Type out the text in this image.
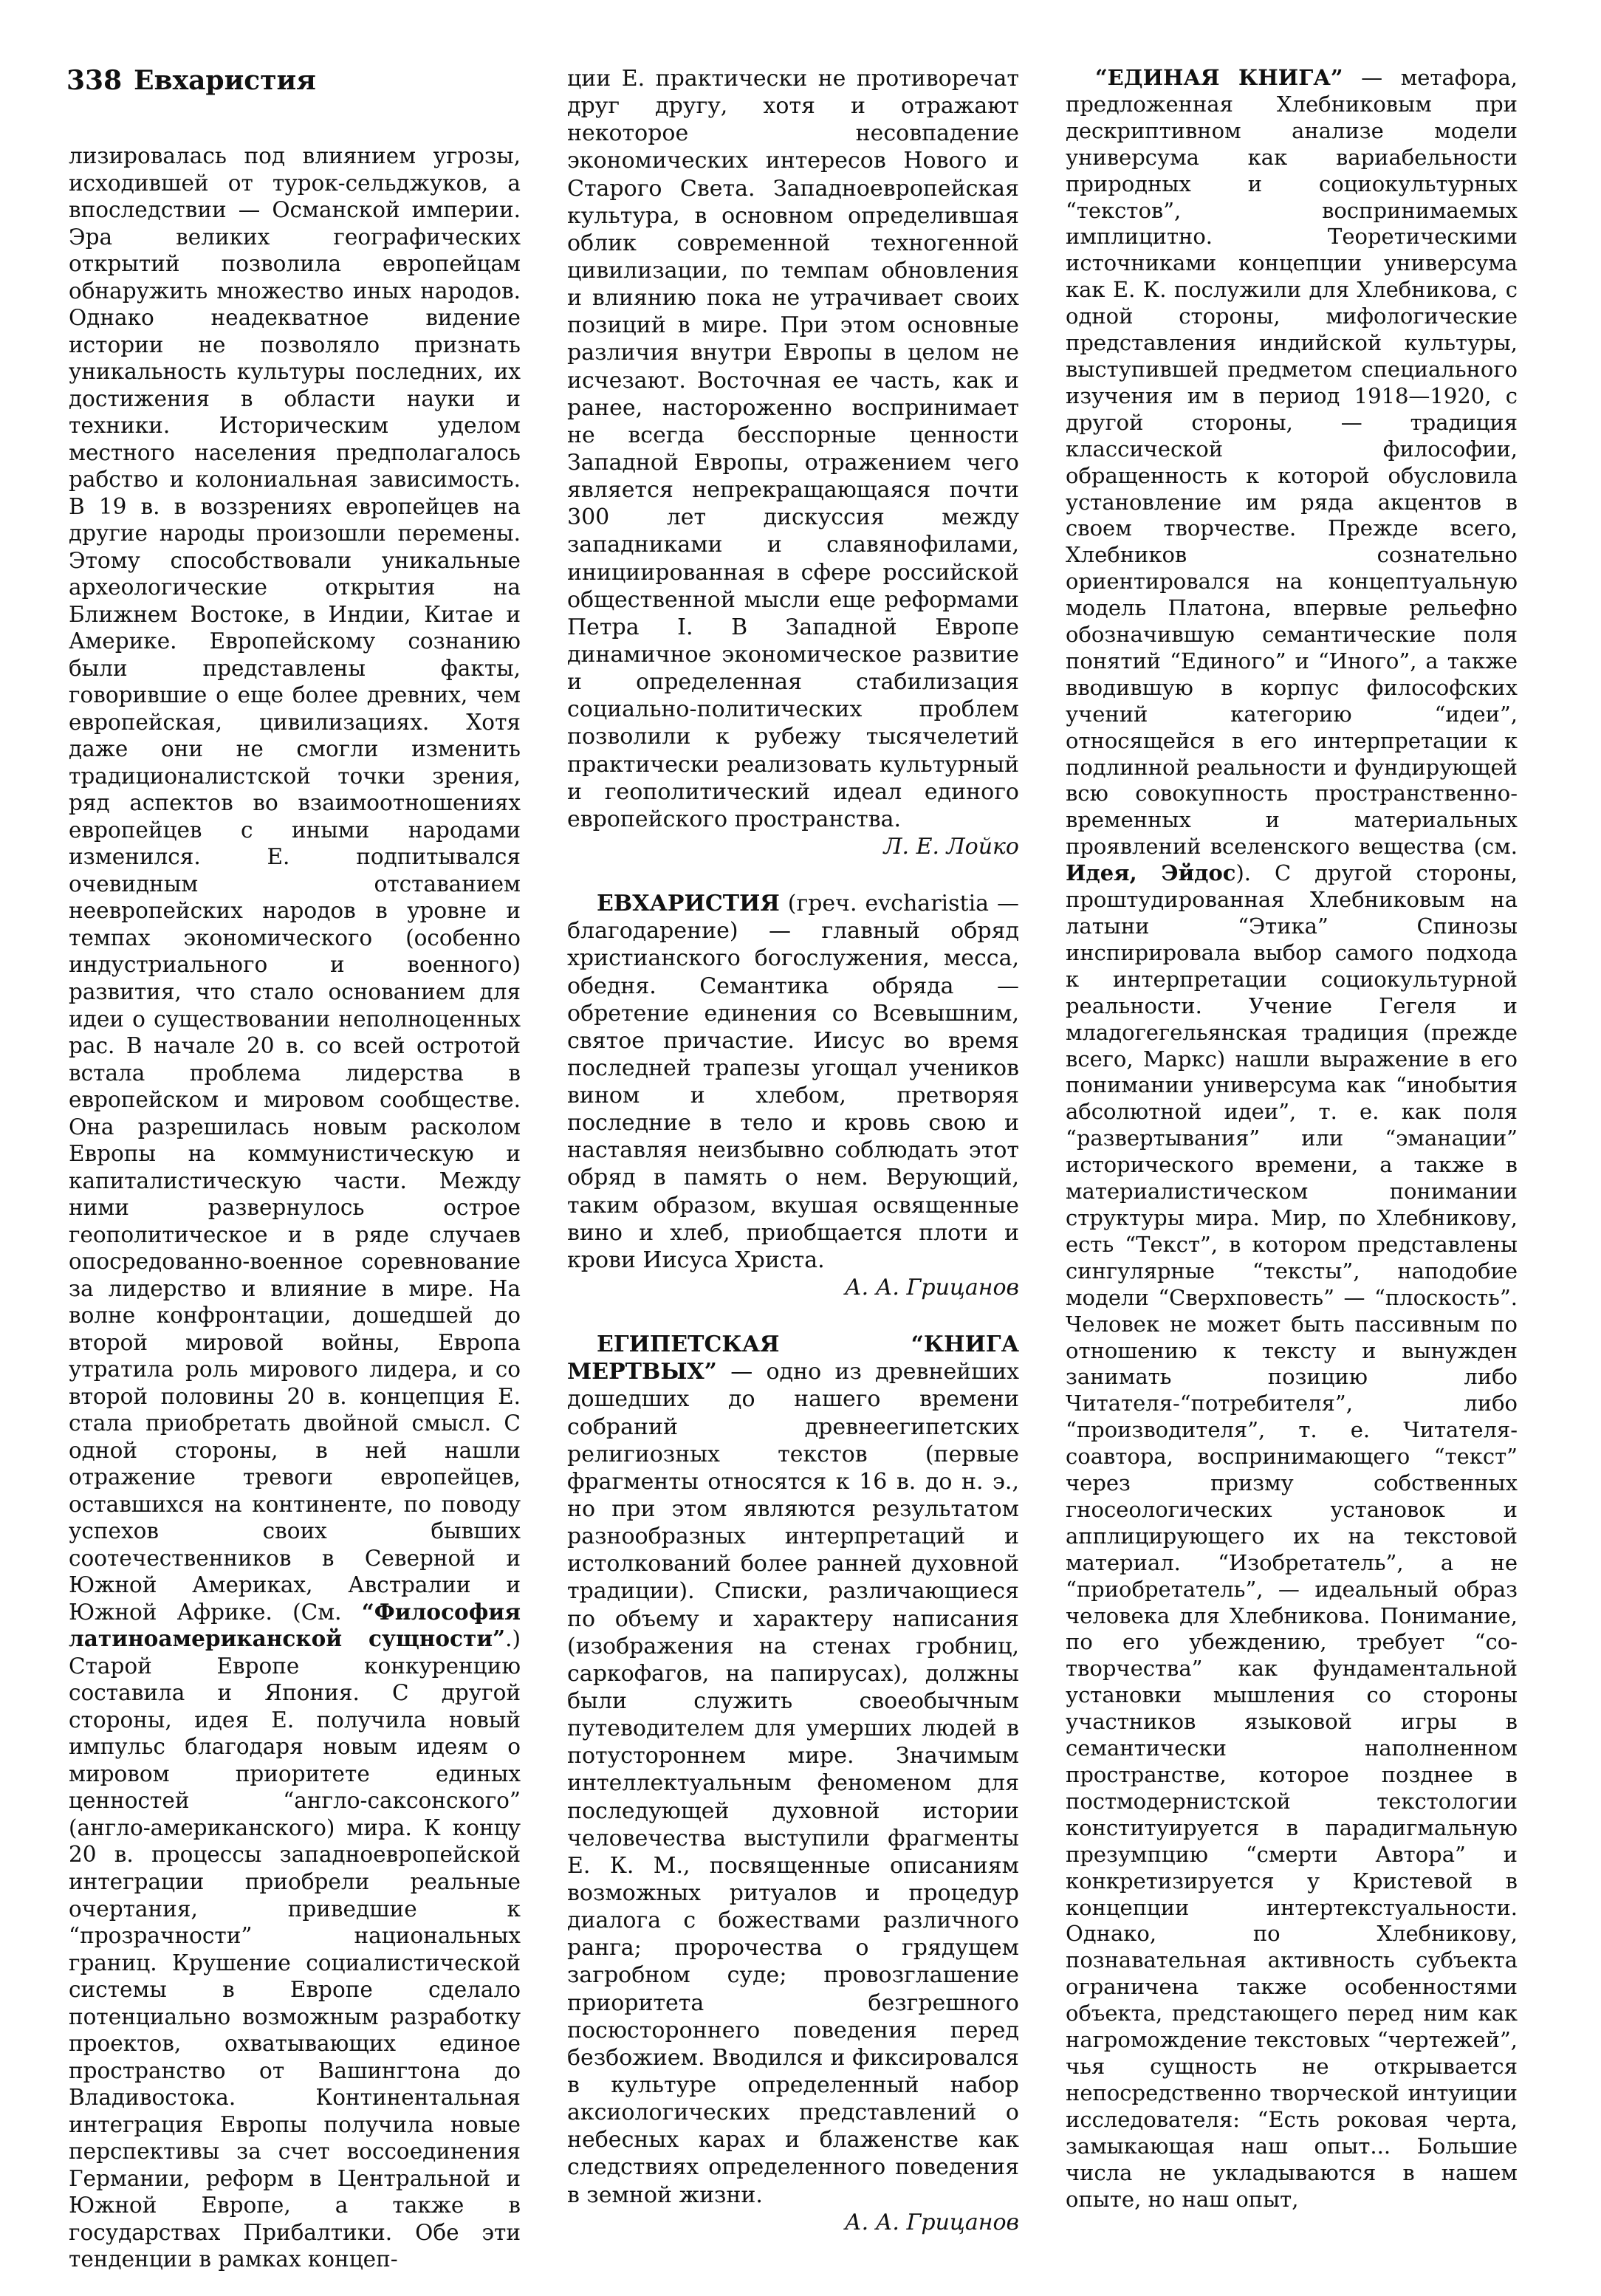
338 Евхаристия

лизировалась под влиянием угрозы, исходившей от турок-сельджуков, а впоследствии — Османской империи. Эра великих географических открытий позволила европейцам обнаружить множество иных народов. Однако неадекватное видение истории не позволяло признать уникальность культуры последних, их достижения в области науки и техники. Историческим уделом местного населения предполагалось рабство и колониальная зависимость. В 19 в. в воззрениях европейцев на другие народы произошли перемены. Этому способствовали уникальные археологические открытия на Ближнем Востоке, в Индии, Китае и Америке. Европейскому сознанию были представлены факты, говорившие о еще более древних, чем европейская, цивилизациях. Хотя даже они не смогли изменить традиционалистской точки зрения, ряд аспектов во взаимоотношениях европейцев с иными народами изменился. Е. подпитывался очевидным отставанием неевропейских народов в уровне и темпах экономического (особенно индустриального и военного) развития, что стало основанием для идеи о существовании неполноценных рас. В начале 20 в. со всей остротой встала проблема лидерства в европейском и мировом сообществе. Она разрешилась новым расколом Европы на коммунистическую и капиталистическую части. Между ними развернулось острое геополитическое и в ряде случаев опосредованно-военное соревнование за лидерство и влияние в мире. На волне конфронтации, дошедшей до второй мировой войны, Европа утратила роль мирового лидера, и со второй половины 20 в. концепция Е. стала приобретать двойной смысл. С одной стороны, в ней нашли отражение тревоги европейцев, оставшихся на континенте, по поводу успехов своих бывших соотечественников в Северной и Южной Америках, Австралии и Южной Африке. (См. “Философия латиноамериканской сущности”.) Старой Европе конкуренцию составила и Япония. С другой стороны, идея Е. получила новый импульс благодаря новым идеям о мировом приоритете единых ценностей “англо-саксонского” (англо-американского) мира. К концу 20 в. процессы западноевропейской интеграции приобрели реальные очертания, приведшие к “прозрачности” национальных границ. Крушение социалистической системы в Европе сделало потенциально возможным разработку проектов, охватывающих единое пространство от Вашингтона до Владивостока. Континентальная интеграция Европы получила новые перспективы за счет воссоединения Германии, реформ в Центральной и Южной Европе, а также в государствах Прибалтики. Обе эти тенденции в рамках концеп-

ции Е. практически не противоречат друг другу, хотя и отражают некоторое несовпадение экономических интересов Нового и Старого Света. Западноевропейская культура, в основном определившая облик современной техногенной цивилизации, по темпам обновления и влиянию пока не утрачивает своих позиций в мире. При этом основные различия внутри Европы в целом не исчезают. Восточная ее часть, как и ранее, настороженно воспринимает не всегда бесспорные ценности Западной Европы, отражением чего является непрекращающаяся почти 300 лет дискуссия между западниками и славянофилами, инициированная в сфере российской общественной мысли еще реформами Петра I. В Западной Европе динамичное экономическое развитие и определенная стабилизация социально-политических проблем позволили к рубежу тысячелетий практически реализовать культурный и геополитический идеал единого европейского пространства.

Л. Е. Лойко

ЕВХАРИСТИЯ (греч. evcharistia — благодарение) — главный обряд христианского богослужения, месса, обедня. Семантика обряда — обретение единения со Всевышним, святое причастие. Иисус во время последней трапезы угощал учеников вином и хлебом, претворяя последние в тело и кровь свою и наставляя неизбывно соблюдать этот обряд в память о нем. Верующий, таким образом, вкушая освященные вино и хлеб, приобщается плоти и крови Иисуса Христа.

А. А. Грицанов

ЕГИПЕТСКАЯ “КНИГА МЕРТВЫХ” — одно из древнейших дошедших до нашего времени собраний древнеегипетских религиозных текстов (первые фрагменты относятся к 16 в. до н. э., но при этом являются результатом разнообразных интерпретаций и истолкований более ранней духовной традиции). Списки, различающиеся по объему и характеру написания (изображения на стенах гробниц, саркофагов, на папирусах), должны были служить своеобычным путеводителем для умерших людей в потустороннем мире. Значимым интеллектуальным феноменом для последующей духовной истории человечества выступили фрагменты Е. К. М., посвященные описаниям возможных ритуалов и процедур диалога с божествами различного ранга; пророчества о грядущем загробном суде; провозглашение приоритета безгрешного посюстороннего поведения перед безбожием. Вводился и фиксировался в культуре определенный набор аксиологических представлений о небесных карах и блаженстве как следствиях определенного поведения в земной жизни.

А. А. Грицанов

“ЕДИНАЯ КНИГА” — метафора, предложенная Хлебниковым при дескриптивном анализе модели универсума как вариабельности природных и социокультурных “текстов”, воспринимаемых имплицитно. Теоретическими источниками концепции универсума как Е. К. послужили для Хлебникова, с одной стороны, мифологические представления индийской культуры, выступившей предметом специального изучения им в период 1918—1920, с другой стороны, — традиция классической философии, обращенность к которой обусловила установление им ряда акцентов в своем творчестве. Прежде всего, Хлебников сознательно ориентировался на концептуальную модель Платона, впервые рельефно обозначившую семантические поля понятий “Единого” и “Иного”, а также вводившую в корпус философских учений категорию “идеи”, относящейся в его интерпретации к подлинной реальности и фундирующей всю совокупность пространственно-временных и материальных проявлений вселенского вещества (см. Идея, Эйдос). С другой стороны, проштудированная Хлебниковым на латыни “Этика” Спинозы инспирировала выбор самого подхода к интерпретации социокультурной реальности. Учение Гегеля и младогегельянская традиция (прежде всего, Маркс) нашли выражение в его понимании универсума как “инобытия абсолютной идеи”, т. е. как поля “развертывания” или “эманации” исторического времени, а также в материалистическом понимании структуры мира. Мир, по Хлебникову, есть “Текст”, в котором представлены сингулярные “тексты”, наподобие модели “Сверхповесть” — “плоскость”. Человек не может быть пассивным по отношению к тексту и вынужден занимать позицию либо Читателя-“потребителя”, либо “производителя”, т. е. Читателя-соавтора, воспринимающего “текст” через призму собственных гносеологических установок и апплицирующего их на текстовой материал. “Изобретатель”, а не “приобретатель”, — идеальный образ человека для Хлебникова. Понимание, по его убеждению, требует “со-творчества” как фундаментальной установки мышления со стороны участников языковой игры в семантически наполненном пространстве, которое позднее в постмодернистской текстологии конституируется в парадигмальную презумпцию “смерти Автора” и конкретизируется у Кристевой в концепции интертекстуальности. Однако, по Хлебникову, познавательная активность субъекта ограничена также особенностями объекта, предстающего перед ним как нагромождение текстовых “чертежей”, чья сущность не открывается непосредственно творческой интуиции исследователя: “Есть роковая черта, замыкающая наш опыт... Большие числа не укладываются в нашем опыте, но наш опыт,
